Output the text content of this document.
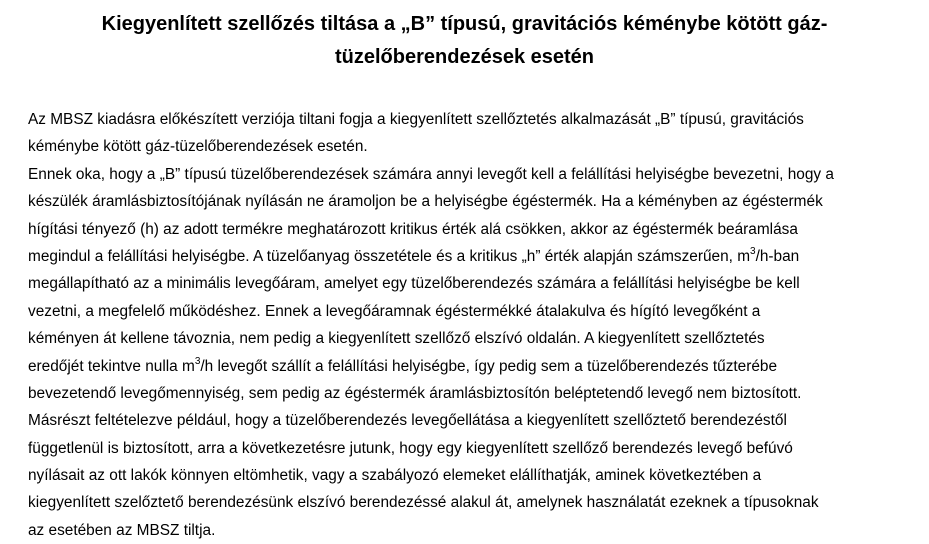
Kiegyenlített szellőzés tiltása a „B” típusú, gravitációs kéménybe kötött gáz-
tüzelőberendezések esetén
Az MBSZ kiadásra előkészített verziója tiltani fogja a kiegyenlített szellőztetés alkalmazását „B” típusú, gravitációs
kéménybe kötött gáz-tüzelőberendezések esetén.
Ennek oka, hogy a „B” típusú tüzelőberendezések számára annyi levegőt kell a felállítási helyiségbe bevezetni, hogy a
készülék áramlásbiztosítójának nyílásán ne áramoljon be a helyiségbe égéstermék. Ha a kéményben az égéstermék
hígítási tényező (h) az adott termékre meghatározott kritikus érték alá csökken, akkor az égéstermék beáramlása
megindul a felállítási helyiségbe. A tüzelőanyag összetétele és a kritikus „h” érték alapján számszerűen, $m^3/h$-ban
megállapítható az a minimális levegőáram, amelyet egy tüzelőberendezés számára a felállítási helyiségbe be kell
vezetni, a megfelelő működéshez. Ennek a levegőáramnak égéstermékké átalakulva és hígító levegőként a
kéményen át kellene távoznia, nem pedig a kiegyenlített szellőző elszívó oldalán. A kiegyenlített szellőztetés
eredőjét tekintve nulla $m^3/h$ levegőt szállít a felállítási helyiségbe, így pedig sem a tüzelőberendezés tűzterébe
bevezetendő levegőmennyiség, sem pedig az égéstermék áramlásbiztosítón beléptetendő levegő nem biztosított.
Másrészt feltételezve például, hogy a tüzelőberendezés levegőellátása a kiegyenlített szellőztető berendezéstől
függetlenül is biztosított, arra a következetésre jutunk, hogy egy kiegyenlített szellőző berendezés levegő befúvó
nyílásait az ott lakók könnyen eltömhetik, vagy a szabályozó elemeket elállíthatják, aminek következtében a
kiegyenlített szelőztető berendezésünk elszívó berendezéssé alakul át, amelynek használatát ezeknek a típusoknak
az esetében az MBSZ tiltja.
